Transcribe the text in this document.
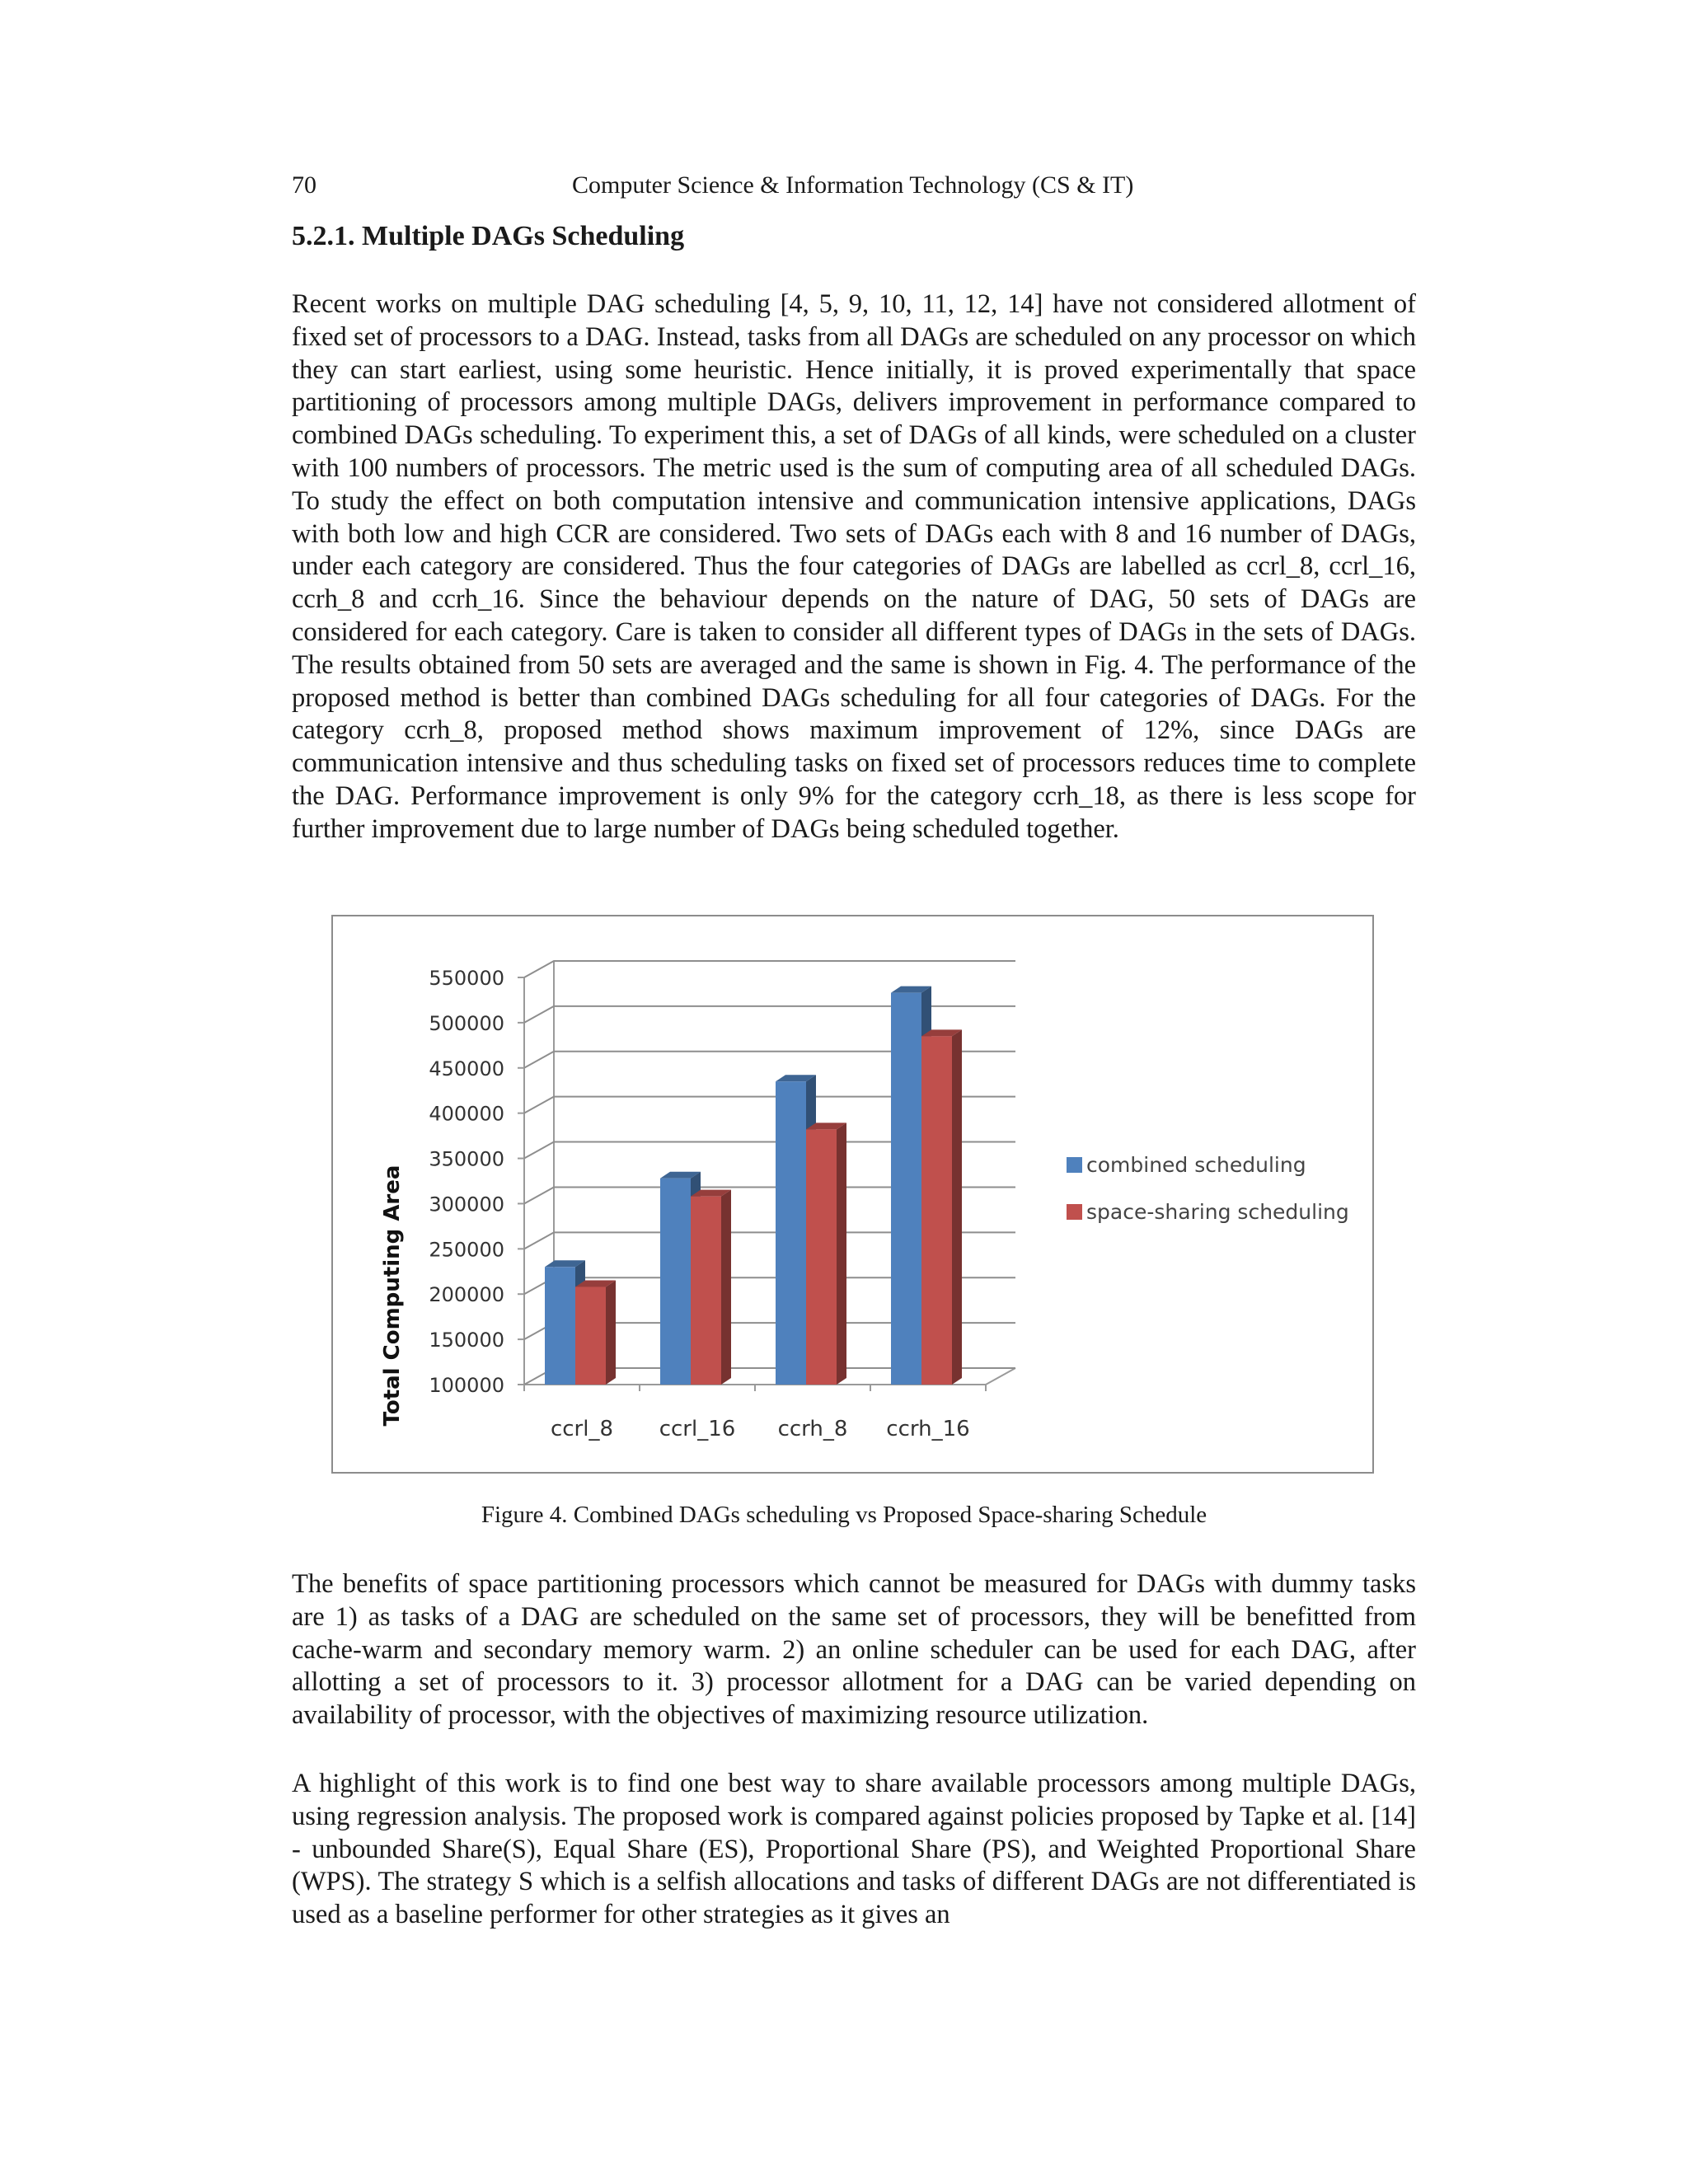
70	Computer Science & Information Technology (CS & IT)
5.2.1. Multiple DAGs Scheduling

Recent works on multiple DAG scheduling [4, 5, 9, 10, 11, 12, 14] have not considered allotment of fixed set of processors to a DAG. Instead, tasks from all DAGs are scheduled on any processor on which they can start earliest, using some heuristic. Hence initially, it is proved experimentally that space partitioning of processors among multiple DAGs, delivers improvement in performance compared to combined DAGs scheduling. To experiment this, a set of DAGs of all kinds, were scheduled on a cluster with 100 numbers of processors. The metric used is the sum of computing area of all scheduled DAGs. To study the effect on both computation intensive and communication intensive applications, DAGs with both low and high CCR are considered. Two sets of DAGs each with 8 and 16 number of DAGs, under each category are considered. Thus the four categories of DAGs are labelled as ccrl_8, ccrl_16, ccrh_8 and ccrh_16. Since the behaviour depends on the nature of DAG, 50 sets of DAGs are considered for each category. Care is taken to consider all different types of DAGs in the sets of DAGs. The results obtained from 50 sets are averaged and the same is shown in Fig. 4. The performance of the proposed method is better than combined DAGs scheduling for all four categories of DAGs. For the category ccrh_8, proposed method shows maximum improvement of 12%, since DAGs are communication intensive and thus scheduling tasks on fixed set of processors reduces time to complete the DAG. Performance improvement is only 9% for the category ccrh_18, as there is less scope for further improvement due to large number of DAGs being scheduled together.

550000
500000
450000
400000
350000
300000
250000
200000
150000
100000
ccrl_8 ccrl_16 ccrh_8 ccrh_16
combined scheduling
space-sharing scheduling
Total Computing Area
Figure 4. Combined DAGs scheduling vs Proposed Space-sharing Schedule

The benefits of space partitioning processors which cannot be measured for DAGs with dummy tasks are 1) as tasks of a DAG are scheduled on the same set of processors, they will be benefitted from cache-warm and secondary memory warm. 2) an online scheduler can be used for each DAG, after allotting a set of processors to it. 3) processor allotment for a DAG can be varied depending on availability of processor, with the objectives of maximizing resource utilization.

A highlight of this work is to find one best way to share available processors among multiple DAGs, using regression analysis. The proposed work is compared against policies proposed by Tapke et al. [14] - unbounded Share(S), Equal Share (ES), Proportional Share (PS), and Weighted Proportional Share (WPS). The strategy S which is a selfish allocations and tasks of different DAGs are not differentiated is used as a baseline performer for other strategies as it gives an
